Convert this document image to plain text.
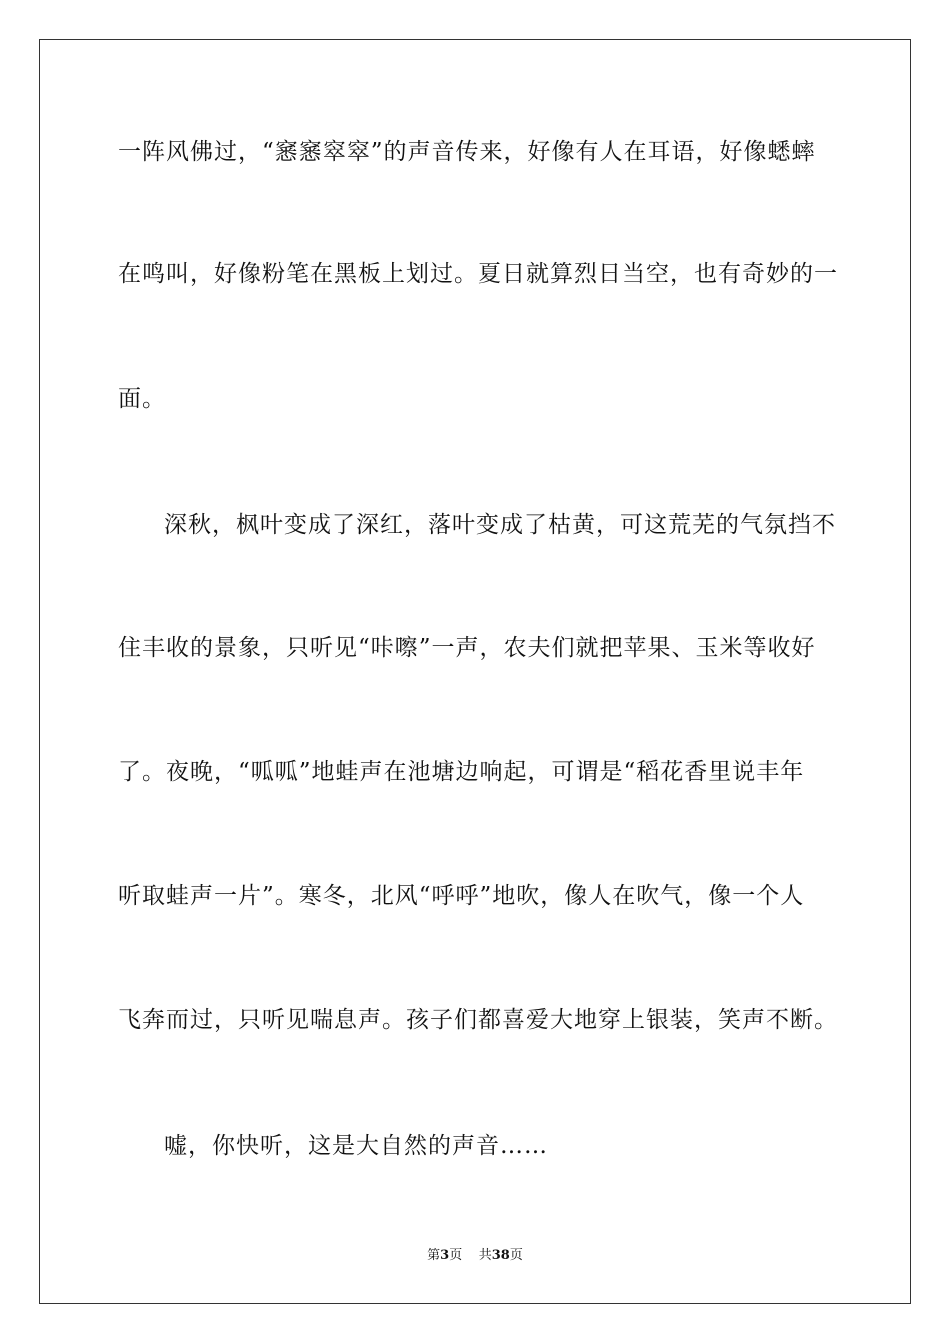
一阵风佛过，“窸窸窣窣”的声音传来，好像有人在耳语，好像蟋蟀
在鸣叫，好像粉笔在黑板上划过。夏日就算烈日当空，也有奇妙的一
面。
深秋，枫叶变成了深红，落叶变成了枯黄，可这荒芜的气氛挡不
住丰收的景象，只听见“咔嚓”一声，农夫们就把苹果、玉米等收好
了。夜晚，“呱呱”地蛙声在池塘边响起，可谓是“稻花香里说丰年
听取蛙声一片”。寒冬，北风“呼呼”地吹，像人在吹气，像一个人
飞奔而过，只听见喘息声。孩子们都喜爱大地穿上银装，笑声不断。
嘘，你快听，这是大自然的声音……
第3页 共38页
